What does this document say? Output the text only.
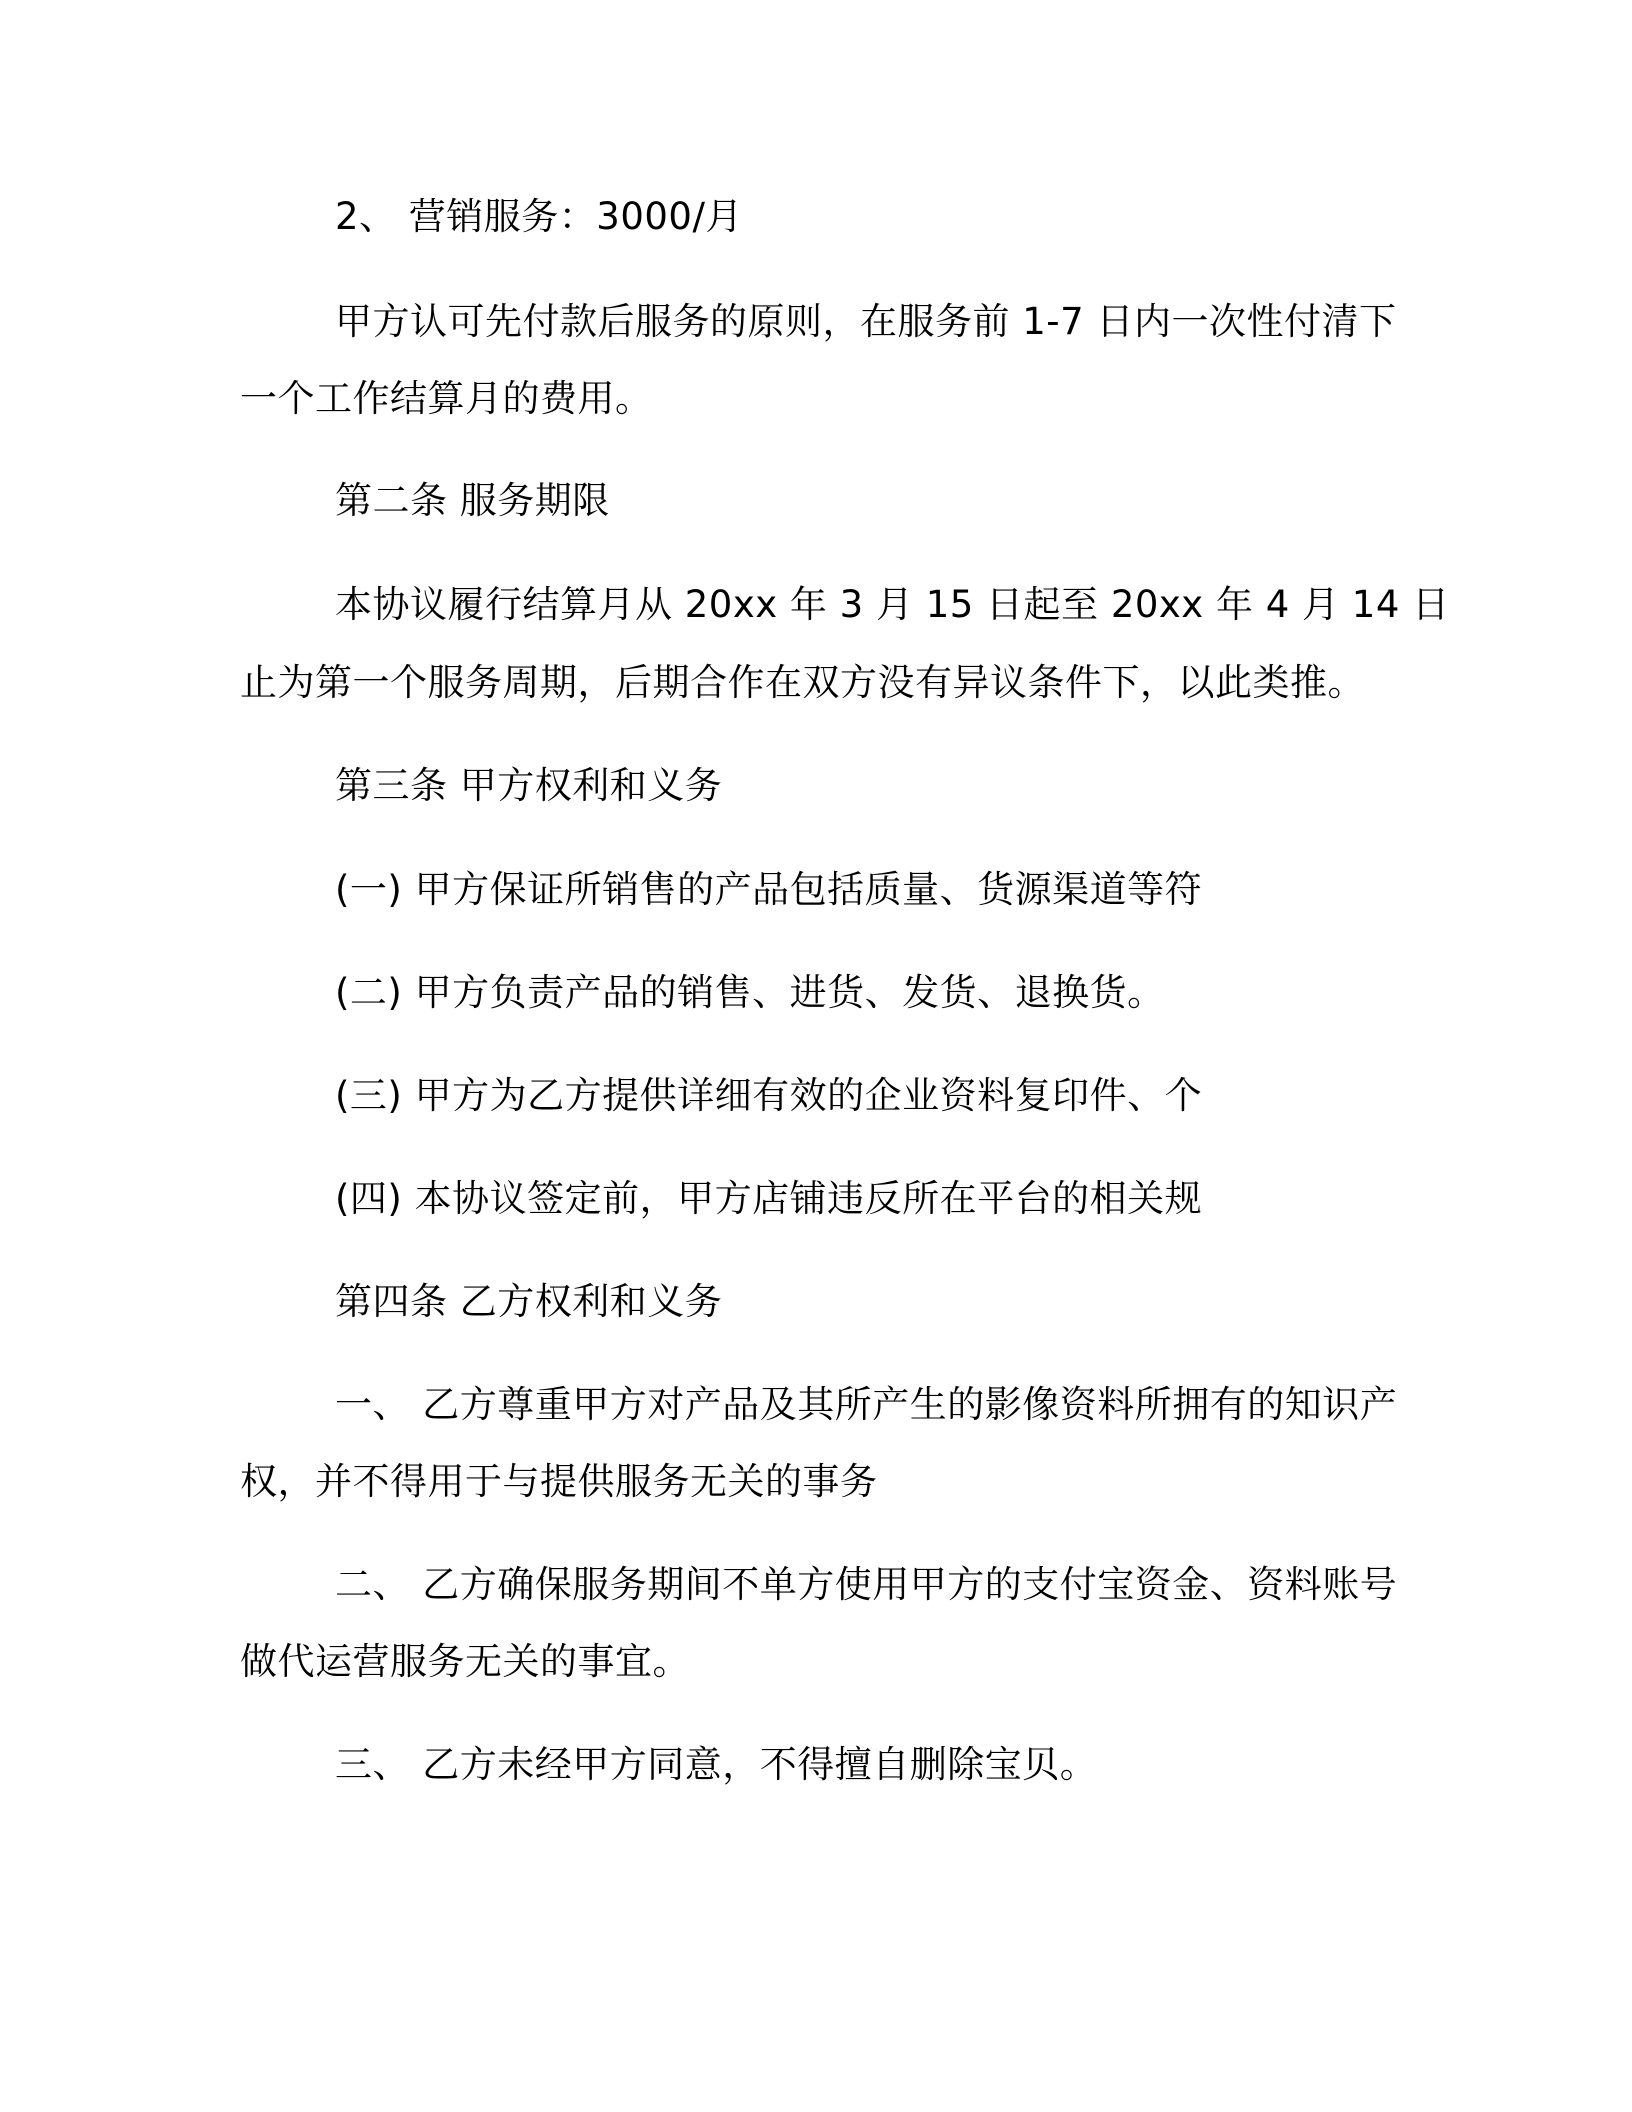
2、 营销服务：3000/月
甲方认可先付款后服务的原则，在服务前 1-7 日内一次性付清下
一个工作结算月的费用。
第二条 服务期限
本协议履行结算月从 20xx 年 3 月 15 日起至 20xx 年 4 月 14 日
止为第一个服务周期，后期合作在双方没有异议条件下，以此类推。
第三条 甲方权利和义务
(一) 甲方保证所销售的产品包括质量、货源渠道等符
(二) 甲方负责产品的销售、进货、发货、退换货。
(三) 甲方为乙方提供详细有效的企业资料复印件、个
(四) 本协议签定前，甲方店铺违反所在平台的相关规
第四条 乙方权利和义务
一、 乙方尊重甲方对产品及其所产生的影像资料所拥有的知识产
权，并不得用于与提供服务无关的事务
二、 乙方确保服务期间不单方使用甲方的支付宝资金、资料账号
做代运营服务无关的事宜。
三、 乙方未经甲方同意，不得擅自删除宝贝。
